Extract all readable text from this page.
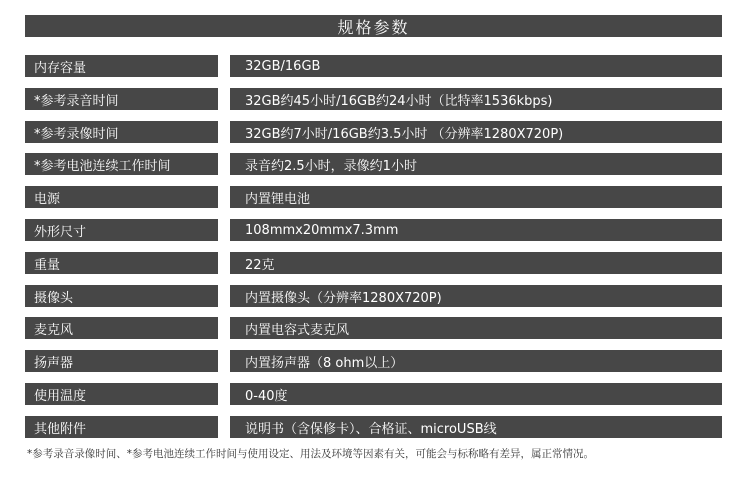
规格参数
内存容量	32GB/16GB
*参考录音时间	32GB约45小时/16GB约24小时（比特率1536kbps)
*参考录像时间	32GB约7小时/16GB约3.5小时 （分辨率1280X720P)
*参考电池连续工作时间	录音约2.5小时，录像约1小时
电源	内置锂电池
外形尺寸	108mmx20mmx7.3mm
重量	22克
摄像头	内置摄像头（分辨率1280X720P)
麦克风	内置电容式麦克风
扬声器	内置扬声器（8 ohm以上）
使用温度	0-40度
其他附件	说明书（含保修卡）、合格证、microUSB线
*参考录音录像时间、*参考电池连续工作时间与使用设定、用法及环境等因素有关，可能会与标称略有差异，属正常情况。
